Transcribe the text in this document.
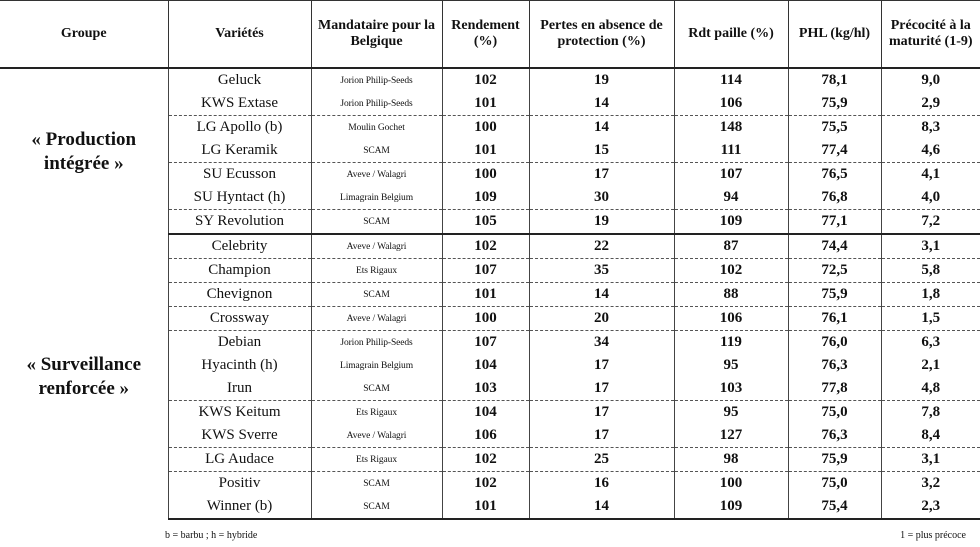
Groupe	Variétés	Mandataire pour la Belgique	Rendement (%)	Pertes en absence de protection (%)	Rdt paille (%)	PHL (kg/hl)	Précocité à la maturité (1-9)
« Production intégrée »	Geluck	Jorion Philip-Seeds	102	19	114	78,1	9,0
	KWS Extase	Jorion Philip-Seeds	101	14	106	75,9	2,9
	LG Apollo (b)	Moulin Gochet	100	14	148	75,5	8,3
	LG Keramik	SCAM	101	15	111	77,4	4,6
	SU Ecusson	Aveve / Walagri	100	17	107	76,5	4,1
	SU Hyntact (h)	Limagrain Belgium	109	30	94	76,8	4,0
	SY Revolution	SCAM	105	19	109	77,1	7,2
« Surveillance renforcée »	Celebrity	Aveve / Walagri	102	22	87	74,4	3,1
	Champion	Ets Rigaux	107	35	102	72,5	5,8
	Chevignon	SCAM	101	14	88	75,9	1,8
	Crossway	Aveve / Walagri	100	20	106	76,1	1,5
	Debian	Jorion Philip-Seeds	107	34	119	76,0	6,3
	Hyacinth (h)	Limagrain Belgium	104	17	95	76,3	2,1
	Irun	SCAM	103	17	103	77,8	4,8
	KWS Keitum	Ets Rigaux	104	17	95	75,0	7,8
	KWS Sverre	Aveve / Walagri	106	17	127	76,3	8,4
	LG Audace	Ets Rigaux	102	25	98	75,9	3,1
	Positiv	SCAM	102	16	100	75,0	3,2
	Winner (b)	SCAM	101	14	109	75,4	2,3
b = barbu ; h = hybride	1 = plus précoce
